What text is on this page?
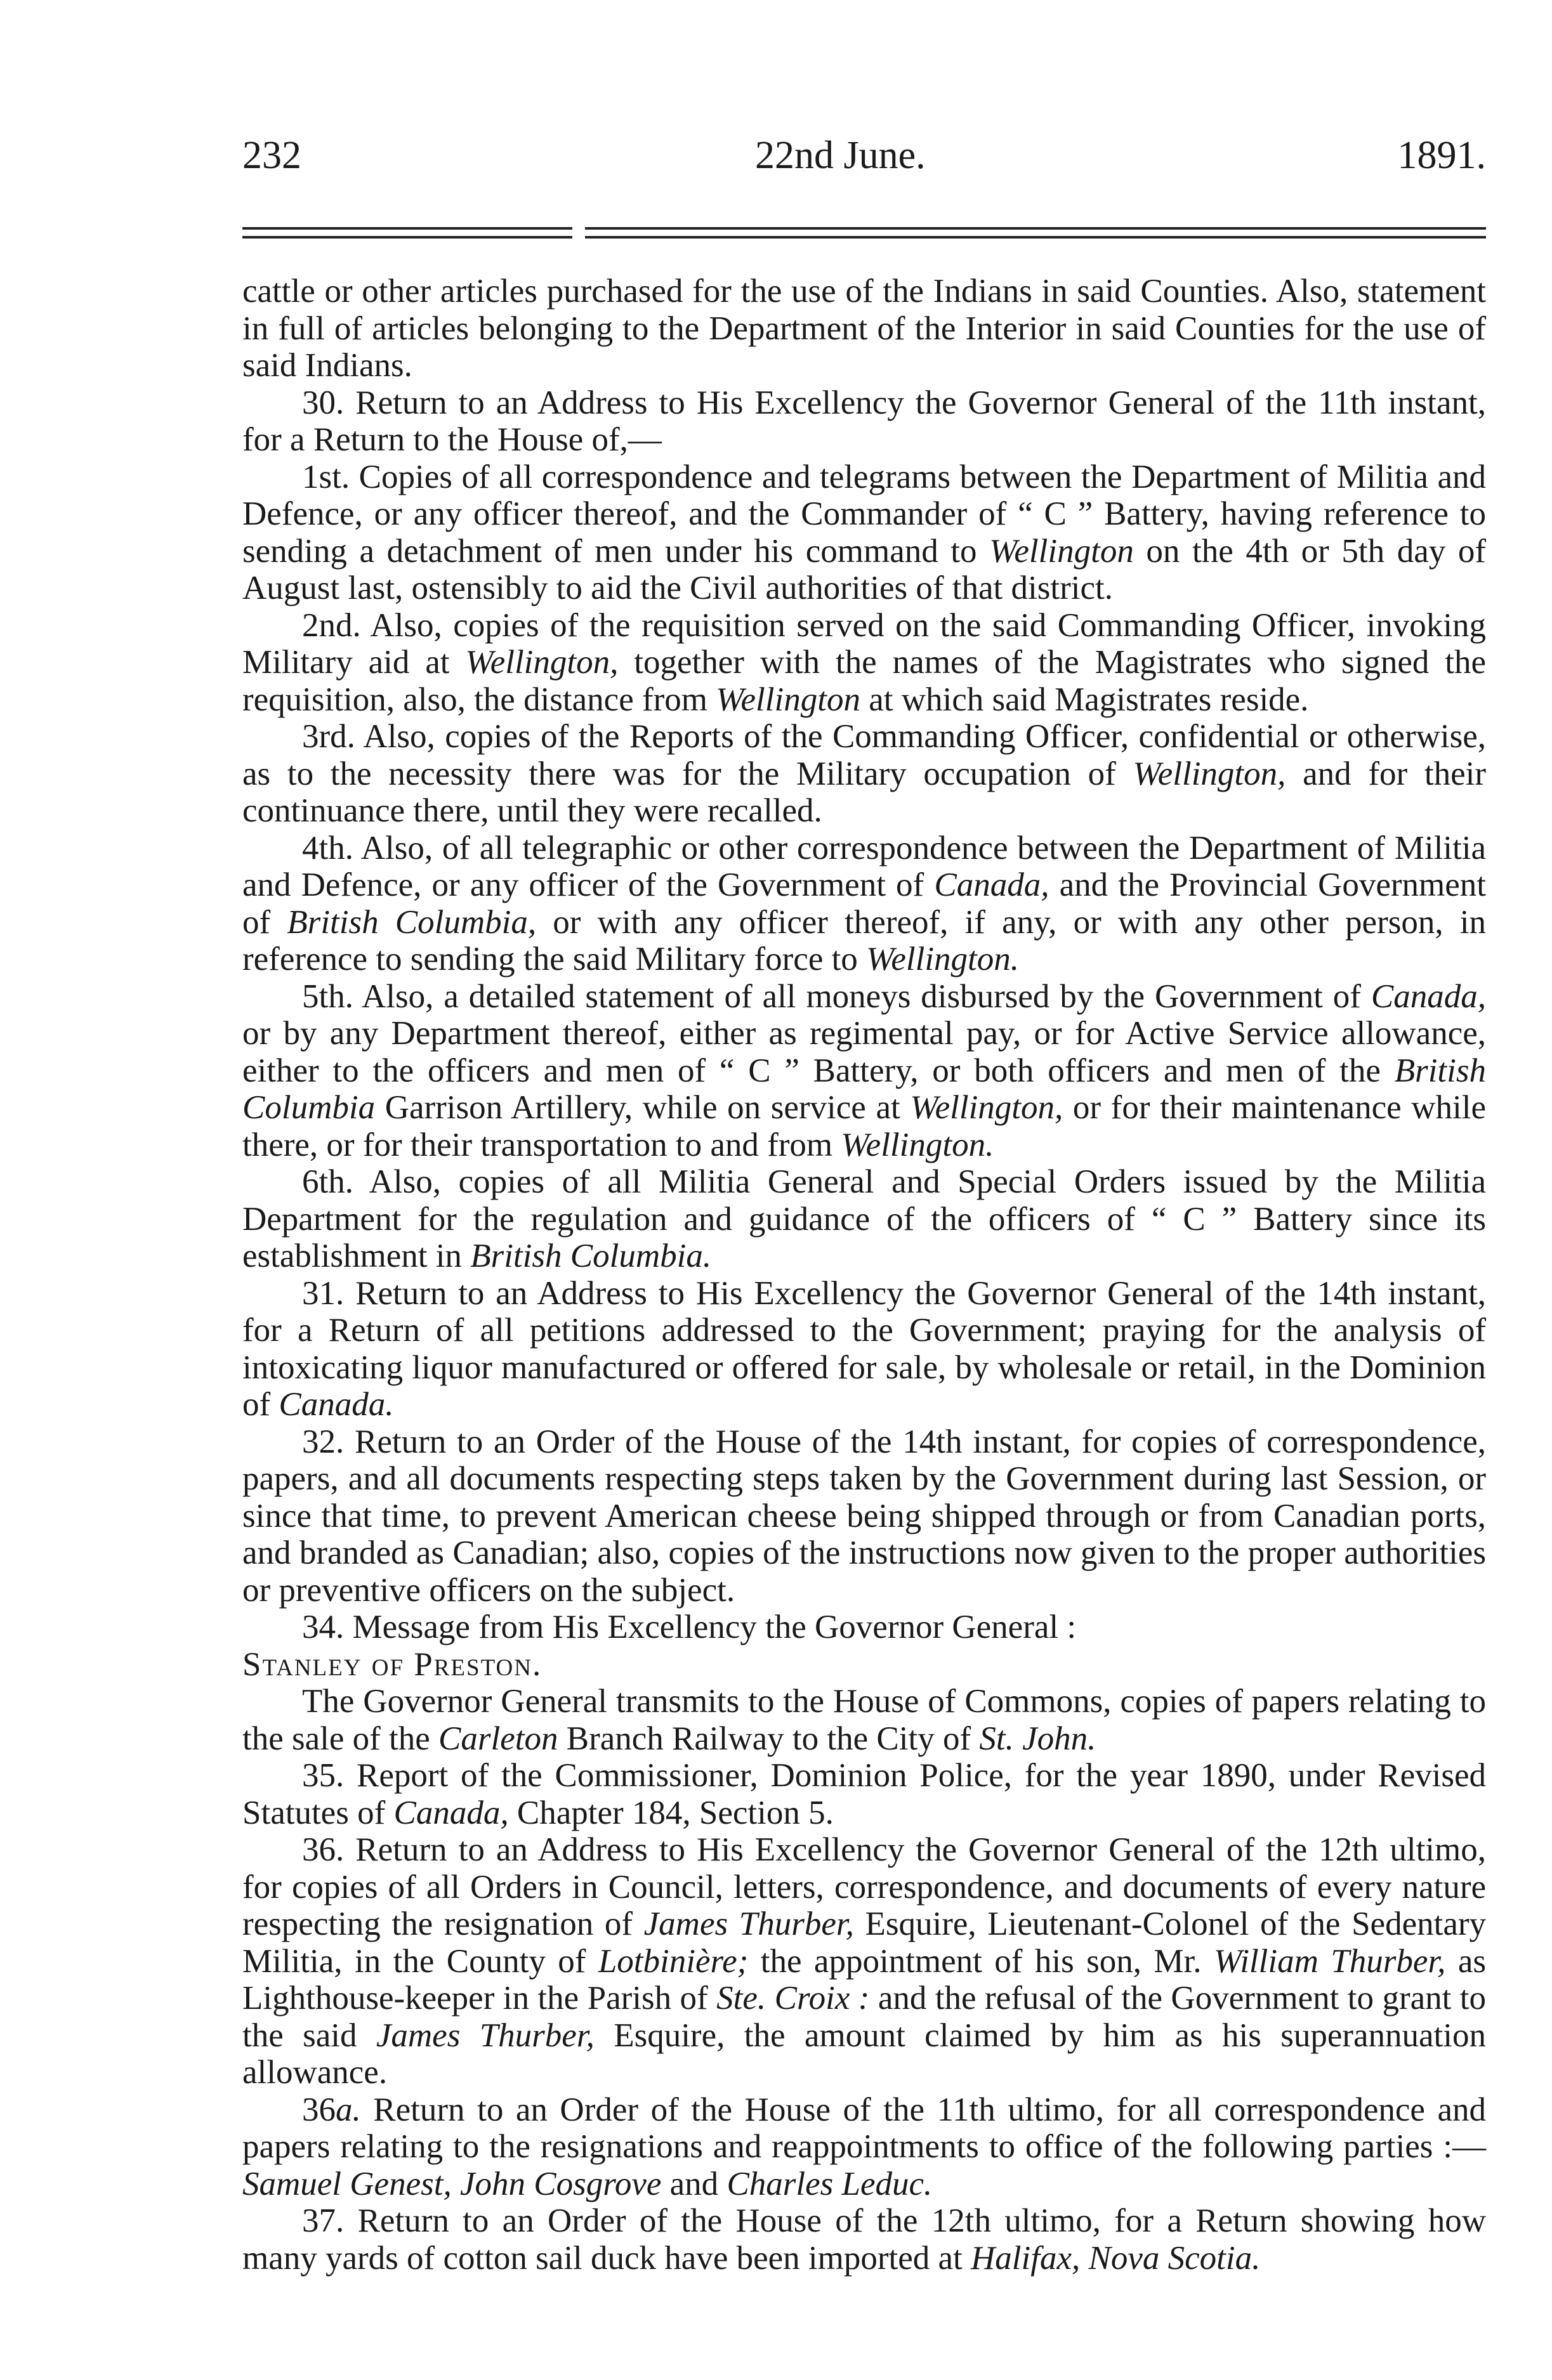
232	22nd June.	1891.

cattle or other articles purchased for the use of the Indians in said Counties. Also, statement in full of articles belonging to the Department of the Interior in said Counties for the use of said Indians.

30. Return to an Address to His Excellency the Governor General of the 11th instant, for a Return to the House of,—

1st. Copies of all correspondence and telegrams between the Department of Militia and Defence, or any officer thereof, and the Commander of “ C ” Battery, having reference to sending a detachment of men under his command to Wellington on the 4th or 5th day of August last, ostensibly to aid the Civil authorities of that district.

2nd. Also, copies of the requisition served on the said Commanding Officer, invoking Military aid at Wellington, together with the names of the Magistrates who signed the requisition, also, the distance from Wellington at which said Magistrates reside.

3rd. Also, copies of the Reports of the Commanding Officer, confidential or otherwise, as to the necessity there was for the Military occupation of Wellington, and for their continuance there, until they were recalled.

4th. Also, of all telegraphic or other correspondence between the Department of Militia and Defence, or any officer of the Government of Canada, and the Provincial Government of British Columbia, or with any officer thereof, if any, or with any other person, in reference to sending the said Military force to Wellington.

5th. Also, a detailed statement of all moneys disbursed by the Government of Canada, or by any Department thereof, either as regimental pay, or for Active Service allowance, either to the officers and men of “ C ” Battery, or both officers and men of the British Columbia Garrison Artillery, while on service at Wellington, or for their maintenance while there, or for their transportation to and from Wellington.

6th. Also, copies of all Militia General and Special Orders issued by the Militia Department for the regulation and guidance of the officers of “ C ” Battery since its establishment in British Columbia.

31. Return to an Address to His Excellency the Governor General of the 14th instant, for a Return of all petitions addressed to the Government; praying for the analysis of intoxicating liquor manufactured or offered for sale, by wholesale or retail, in the Dominion of Canada.

32. Return to an Order of the House of the 14th instant, for copies of correspondence, papers, and all documents respecting steps taken by the Government during last Session, or since that time, to prevent American cheese being shipped through or from Canadian ports, and branded as Canadian; also, copies of the instructions now given to the proper authorities or preventive officers on the subject.

34. Message from His Excellency the Governor General :

Stanley of Preston.

The Governor General transmits to the House of Commons, copies of papers relating to the sale of the Carleton Branch Railway to the City of St. John.

35. Report of the Commissioner, Dominion Police, for the year 1890, under Revised Statutes of Canada, Chapter 184, Section 5.

36. Return to an Address to His Excellency the Governor General of the 12th ultimo, for copies of all Orders in Council, letters, correspondence, and documents of every nature respecting the resignation of James Thurber, Esquire, Lieutenant-Colonel of the Sedentary Militia, in the County of Lotbinière; the appointment of his son, Mr. William Thurber, as Lighthouse-keeper in the Parish of Ste. Croix : and the refusal of the Government to grant to the said James Thurber, Esquire, the amount claimed by him as his superannuation allowance.

36a. Return to an Order of the House of the 11th ultimo, for all correspondence and papers relating to the resignations and reappointments to office of the following parties :—Samuel Genest, John Cosgrove and Charles Leduc.

37. Return to an Order of the House of the 12th ultimo, for a Return showing how many yards of cotton sail duck have been imported at Halifax, Nova Scotia.
